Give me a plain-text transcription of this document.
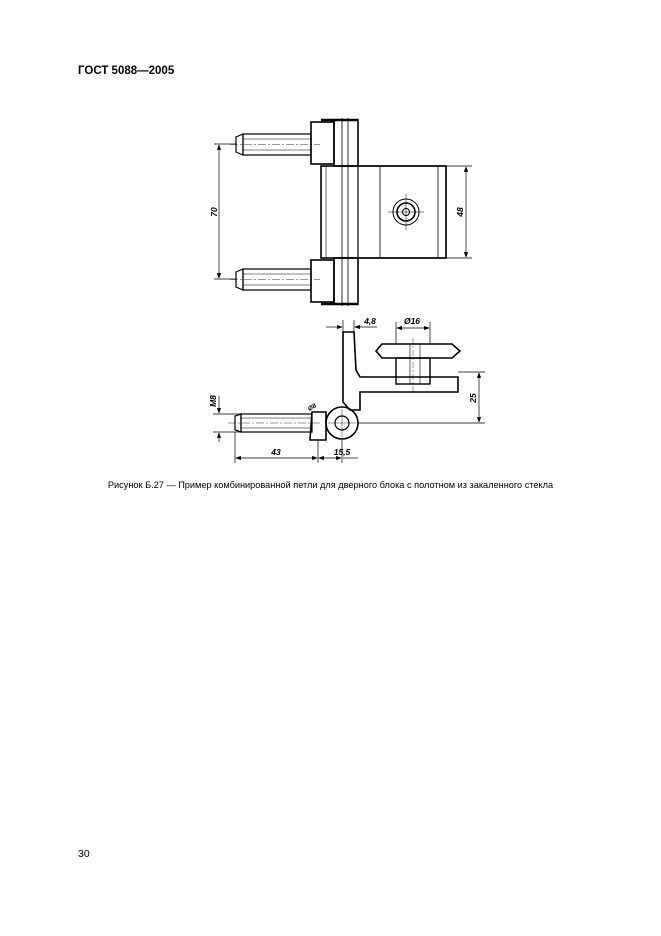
ГОСТ 5088—2005
70	48
4,8	Ø16
25
M8
Ø8
43	15,5
Рисунок Б.27 — Пример комбинированной петли для дверного блока с полотном из закаленного стекла
30
